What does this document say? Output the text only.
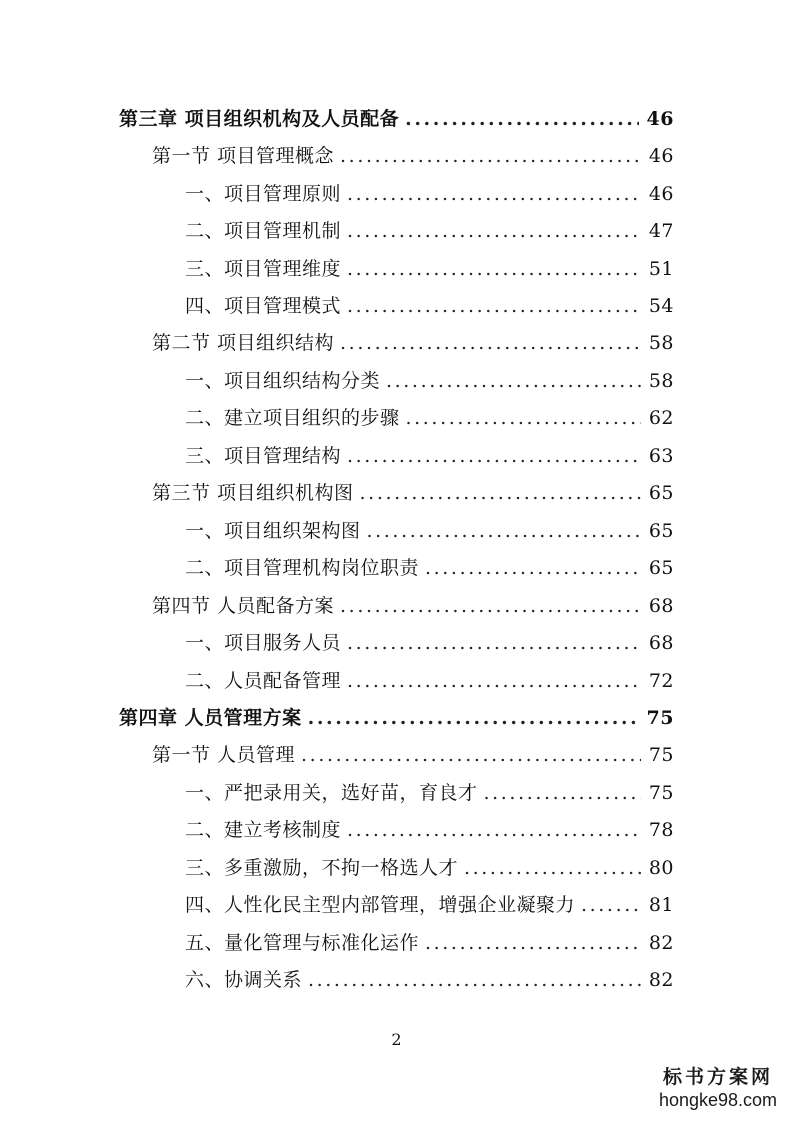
第三章 项目组织机构及人员配备 .....	46
第一节 项目管理概念 .....	46
一、项目管理原则 .....	46
二、项目管理机制 .....	47
三、项目管理维度 .....	51
四、项目管理模式 .....	54
第二节 项目组织结构 .....	58
一、项目组织结构分类 .....	58
二、建立项目组织的步骤 .....	62
三、项目管理结构 .....	63
第三节 项目组织机构图 .....	65
一、项目组织架构图 .....	65
二、项目管理机构岗位职责 .....	65
第四节 人员配备方案 .....	68
一、项目服务人员 .....	68
二、人员配备管理 .....	72
第四章 人员管理方案 .....	75
第一节 人员管理 .....	75
一、严把录用关，选好苗，育良才 .....	75
二、建立考核制度 .....	78
三、多重激励，不拘一格选人才 .....	80
四、人性化民主型内部管理，增强企业凝聚力 .....	81
五、量化管理与标准化运作 .....	82
六、协调关系 .....	82
2
标书方案网
hongke98.com
